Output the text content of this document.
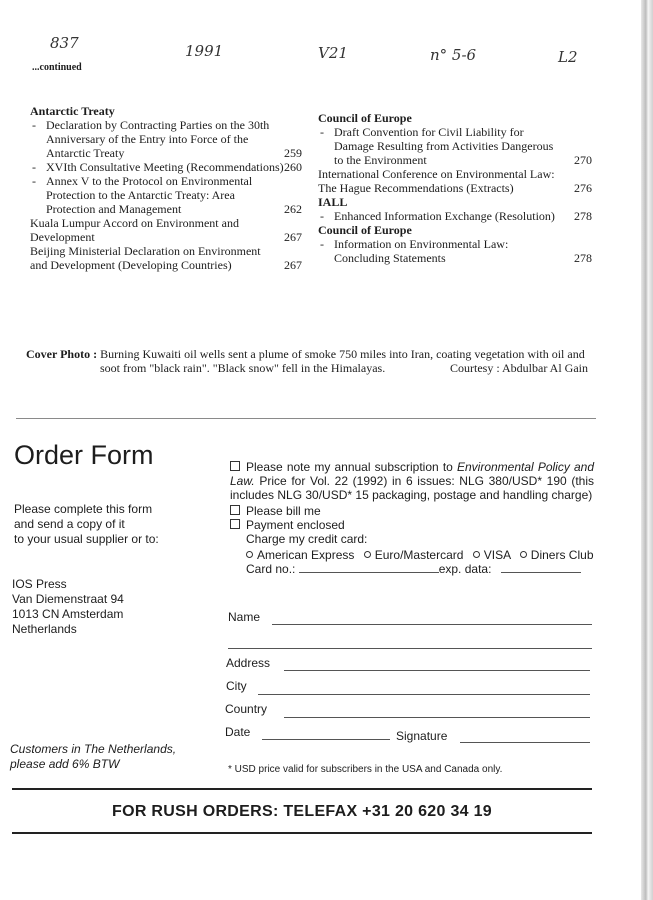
837	1991	V21	n° 5-6	L2
...continued
Antarctic Treaty
- Declaration by Contracting Parties on the 30th
Anniversary of the Entry into Force of the
Antarctic Treaty	259
- XVIth Consultative Meeting (Recommendations) 260
- Annex V to the Protocol on Environmental
Protection to the Antarctic Treaty: Area
Protection and Management	262
Kuala Lumpur Accord on Environment and
Development	267
Beijing Ministerial Declaration on Environment
and Development (Developing Countries)	267
Council of Europe
- Draft Convention for Civil Liability for
Damage Resulting from Activities Dangerous
to the Environment	270
International Conference on Environmental Law:
The Hague Recommendations (Extracts)	276
IALL
- Enhanced Information Exchange (Resolution)	278
Council of Europe
- Information on Environmental Law:
Concluding Statements	278
Cover Photo : Burning Kuwaiti oil wells sent a plume of smoke 750 miles into Iran, coating vegetation with oil and
soot from "black rain". "Black snow" fell in the Himalayas.	Courtesy : Abdulbar Al Gain
Order Form
Please complete this form
and send a copy of it
to your usual supplier or to:
IOS Press
Van Diemenstraat 94
1013 CN Amsterdam
Netherlands
Customers in The Netherlands,
please add 6% BTW
Please note my annual subscription to Environmental Policy and Law. Price for Vol. 22 (1992) in 6 issues: NLG 380/USD* 190 (this includes NLG 30/USD* 15 packaging, postage and handling charge)
Please bill me
Payment enclosed
Charge my credit card:
American Express Euro/Mastercard VISA Diners Club
Card no.:	exp. data:
Name
Address
City
Country
Date	Signature
* USD price valid for subscribers in the USA and Canada only.
FOR RUSH ORDERS: TELEFAX +31 20 620 34 19
